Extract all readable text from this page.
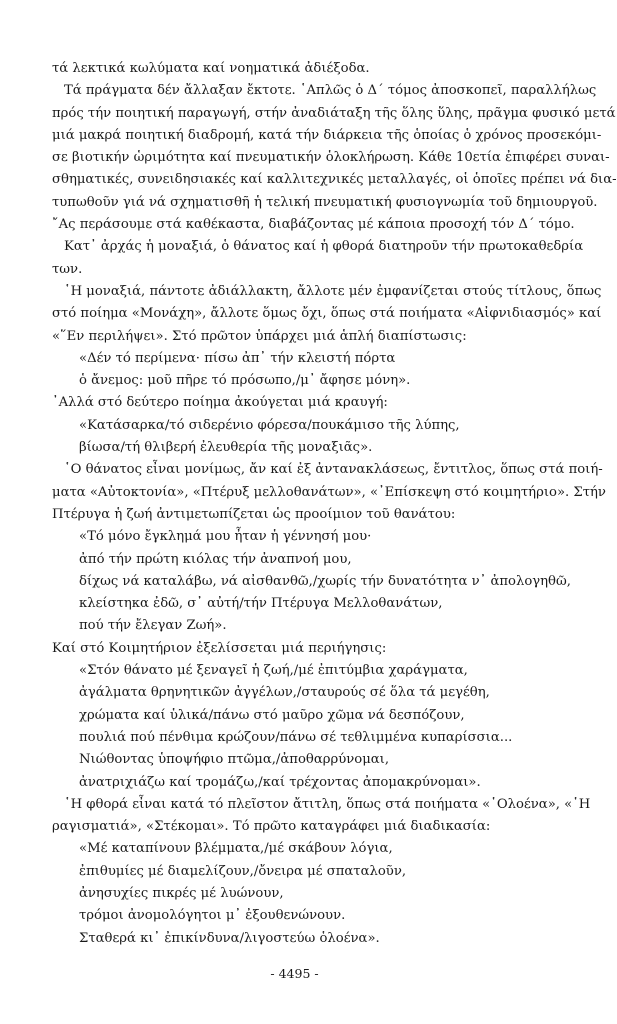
τά λεκτικά κωλύματα καί νοηματικά ἀδιέξοδα.
Τά πράγματα δέν ἄλλαξαν ἔκτοτε. ῾Απλῶς ὁ Δ΄ τόμος ἀποσκοπεῖ, παραλλήλως
πρός τήν ποιητική παραγωγή, στήν ἀναδιάταξη τῆς ὅλης ὕλης, πρᾶγμα φυσικό μετά
μιά μακρά ποιητική διαδρομή, κατά τήν διάρκεια τῆς ὁποίας ὁ χρόνος προσεκόμι-
σε βιοτικήν ὡριμότητα καί πνευματικήν ὁλοκλήρωση. Κάθε 10ετία ἐπιφέρει συναι-
σθηματικές, συνειδησιακές καί καλλιτεχνικές μεταλλαγές, οἱ ὁποῖες πρέπει νά δια-
τυπωθοῦν γιά νά σχηματισθῆ ἡ τελική πνευματική φυσιογνωμία τοῦ δημιουργοῦ.
῎Ας περάσουμε στά καθέκαστα, διαβάζοντας μέ κάποια προσοχή τόν Δ΄ τόμο.
Κατ᾽ ἀρχάς ἡ μοναξιά, ὁ θάνατος καί ἡ φθορά διατηροῦν τήν πρωτοκαθεδρία
των.
῾Η μοναξιά, πάντοτε ἀδιάλλακτη, ἄλλοτε μέν ἐμφανίζεται στούς τίτλους, ὅπως
στό ποίημα «Μονάχη», ἄλλοτε ὅμως ὄχι, ὅπως στά ποιήματα «Αἰφνιδιασμός» καί
«῞Εν περιλήψει». Στό πρῶτον ὑπάρχει μιά ἁπλή διαπίστωσις:
«Δέν τό περίμενα· πίσω ἀπ᾽ τήν κλειστή πόρτα
ὁ ἄνεμος: μοῦ πῆρε τό πρόσωπο,/μ᾽ ἄφησε μόνη».
᾽Αλλά στό δεύτερο ποίημα ἀκούγεται μιά κραυγή:
«Κατάσαρκα/τό σιδερένιο φόρεσα/πουκάμισο τῆς λύπης,
βίωσα/τή θλιβερή ἐλευθερία τῆς μοναξιᾶς».
῾Ο θάνατος εἶναι μονίμως, ἄν καί ἐξ ἀντανακλάσεως, ἔντιτλος, ὅπως στά ποιή-
ματα «Αὐτοκτονία», «Πτέρυξ μελλοθανάτων», «᾽Επίσκεψη στό κοιμητήριο». Στήν
Πτέρυγα ἡ ζωή ἀντιμετωπίζεται ὡς προοίμιον τοῦ θανάτου:
«Τό μόνο ἔγκλημά μου ἦταν ἡ γέννησή μου·
ἀπό τήν πρώτη κιόλας τήν ἀναπνοή μου,
δίχως νά καταλάβω, νά αἰσθανθῶ,/χωρίς τήν δυνατότητα ν᾽ ἀπολογηθῶ,
κλείστηκα ἐδῶ, σ᾽ αὐτή/τήν Πτέρυγα Μελλοθανάτων,
πού τήν ἔλεγαν Ζωή».
Καί στό Κοιμητήριον ἐξελίσσεται μιά περιήγησις:
«Στόν θάνατο μέ ξεναγεῖ ἡ ζωή,/μέ ἐπιτύμβια χαράγματα,
ἀγάλματα θρηνητικῶν ἀγγέλων,/σταυρούς σέ ὅλα τά μεγέθη,
χρώματα καί ὑλικά/πάνω στό μαῦρο χῶμα νά δεσπόζουν,
πουλιά πού πένθιμα κρώζουν/πάνω σέ τεθλιμμένα κυπαρίσσια...
Νιώθοντας ὑποψήφιο πτῶμα,/ἀποθαρρύνομαι,
ἀνατριχιάζω καί τρομάζω,/καί τρέχοντας ἀπομακρύνομαι».
῾Η φθορά εἶναι κατά τό πλεῖστον ἄτιτλη, ὅπως στά ποιήματα «῾Ολοένα», «῾Η
ραγισματιά», «Στέκομαι». Τό πρῶτο καταγράφει μιά διαδικασία:
«Μέ καταπίνουν βλέμματα,/μέ σκάβουν λόγια,
ἐπιθυμίες μέ διαμελίζουν,/ὄνειρα μέ σπαταλοῦν,
ἀνησυχίες πικρές μέ λυώνουν,
τρόμοι ἀνομολόγητοι μ᾽ ἐξουθενώνουν.
Σταθερά κι᾽ ἐπικίνδυνα/λιγοστεύω ὁλοένα».
- 4495 -
